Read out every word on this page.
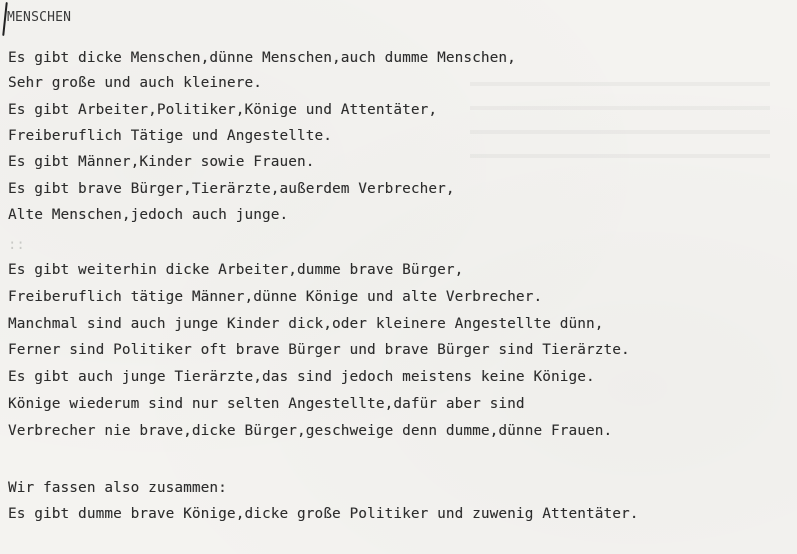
MENSCHEN
Es gibt dicke Menschen,dünne Menschen,auch dumme Menschen,
Sehr große und auch kleinere.
Es gibt Arbeiter,Politiker,Könige und Attentäter,
Freiberuflich Tätige und Angestellte.
Es gibt Männer,Kinder sowie Frauen.
Es gibt brave Bürger,Tierärzte,außerdem Verbrecher,
Alte Menschen,jedoch auch junge.
::
Es gibt weiterhin dicke Arbeiter,dumme brave Bürger,
Freiberuflich tätige Männer,dünne Könige und alte Verbrecher.
Manchmal sind auch junge Kinder dick,oder kleinere Angestellte dünn,
Ferner sind Politiker oft brave Bürger und brave Bürger sind Tierärzte.
Es gibt auch junge Tierärzte,das sind jedoch meistens keine Könige.
Könige wiederum sind nur selten Angestellte,dafür aber sind
Verbrecher nie brave,dicke Bürger,geschweige denn dumme,dünne Frauen.
Wir fassen also zusammen:
Es gibt dumme brave Könige,dicke große Politiker und zuwenig Attentäter.
